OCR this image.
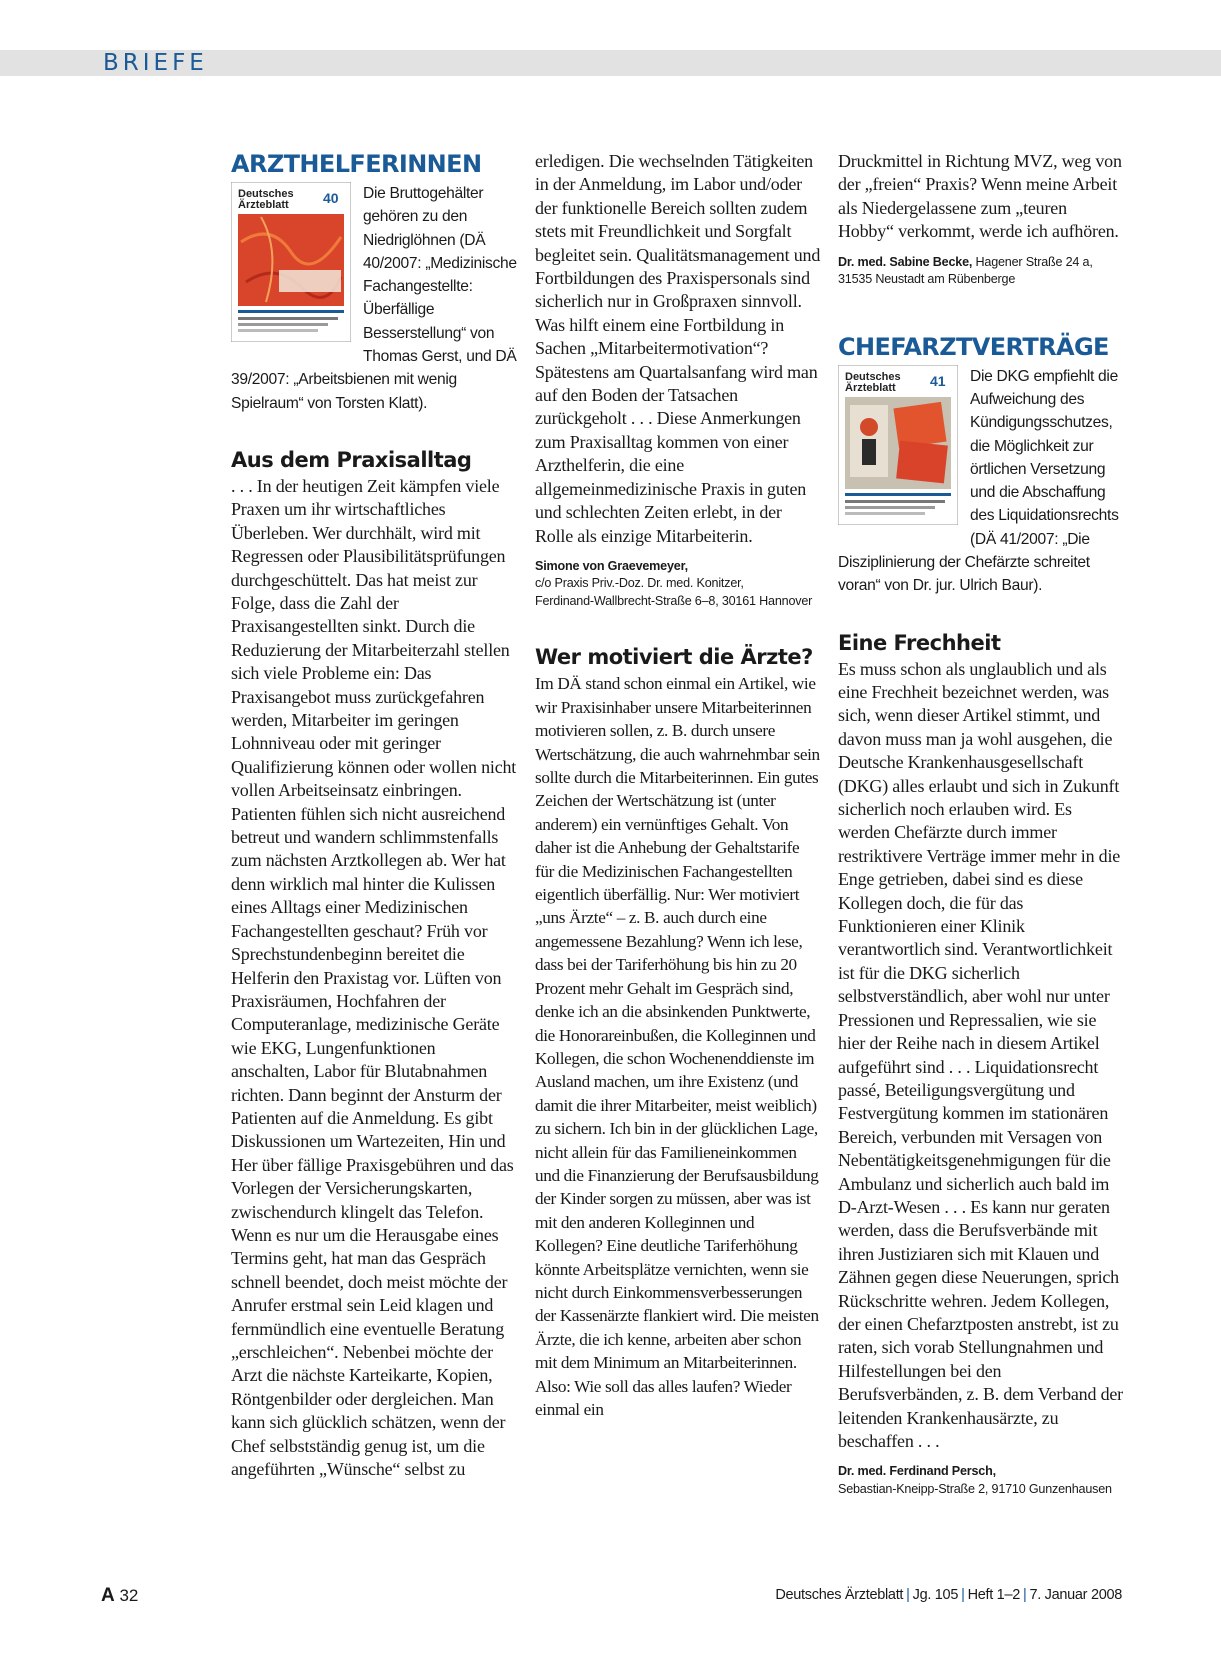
BRIEFE
ARZTHELFERINNEN
Deutsches
Ärzteblatt 40	Die Bruttogehälter gehören zu den Niedriglöhnen (DÄ 40/2007: „Medizinische Fachangestellte: Überfällige Besserstellung“ von Thomas Gerst, und DÄ 39/2007: „Arbeitsbienen mit wenig Spielraum“ von Torsten Klatt).

Aus dem Praxisalltag

. . . In der heutigen Zeit kämpfen viele Praxen um ihr wirtschaftliches Überleben. Wer durchhält, wird mit Regressen oder Plausibilitätsprüfungen durchgeschüttelt. Das hat meist zur Folge, dass die Zahl der Praxisangestellten sinkt. Durch die Reduzierung der Mitarbeiterzahl stellen sich viele Probleme ein: Das Praxisangebot muss zurückgefahren werden, Mitarbeiter im geringen Lohnniveau oder mit geringer Qualifizierung können oder wollen nicht vollen Arbeitseinsatz einbringen. Patienten fühlen sich nicht ausreichend betreut und wandern schlimmstenfalls zum nächsten Arztkollegen ab. Wer hat denn wirklich mal hinter die Kulissen eines Alltags einer Medizinischen Fachangestellten geschaut? Früh vor Sprechstundenbeginn bereitet die Helferin den Praxistag vor. Lüften von Praxisräumen, Hochfahren der Computeranlage, medizinische Geräte wie EKG, Lungenfunktionen anschalten, Labor für Blutabnahmen richten. Dann beginnt der Ansturm der Patienten auf die Anmeldung. Es gibt Diskussionen um Wartezeiten, Hin und Her über fällige Praxisgebühren und das Vorlegen der Versicherungskarten, zwischendurch klingelt das Telefon. Wenn es nur um die Herausgabe eines Termins geht, hat man das Gespräch schnell beendet, doch meist möchte der Anrufer erstmal sein Leid klagen und fernmündlich eine eventuelle Beratung „erschleichen“. Nebenbei möchte der Arzt die nächste Karteikarte, Kopien, Röntgenbilder oder dergleichen. Man kann sich glücklich schätzen, wenn der Chef selbstständig genug ist, um die angeführten „Wünsche“ selbst zu

erledigen. Die wechselnden Tätigkeiten in der Anmeldung, im Labor und/oder der funktionelle Bereich sollten zudem stets mit Freundlichkeit und Sorgfalt begleitet sein. Qualitätsmanagement und Fortbildungen des Praxispersonals sind sicherlich nur in Großpraxen sinnvoll. Was hilft einem eine Fortbildung in Sachen „Mitarbeitermotivation“? Spätestens am Quartalsanfang wird man auf den Boden der Tatsachen zurückgeholt . . . Diese Anmerkungen zum Praxisalltag kommen von einer Arzthelferin, die eine allgemeinmedizinische Praxis in guten und schlechten Zeiten erlebt, in der Rolle als einzige Mitarbeiterin.

Simone von Graevemeyer,
c/o Praxis Priv.-Doz. Dr. med. Konitzer,
Ferdinand-Wallbrecht-Straße 6–8, 30161 Hannover
Wer motiviert die Ärzte?

Im DÄ stand schon einmal ein Artikel, wie wir Praxisinhaber unsere Mitarbeiterinnen motivieren sollen, z. B. durch unsere Wertschätzung, die auch wahrnehmbar sein sollte durch die Mitarbeiterinnen. Ein gutes Zeichen der Wertschätzung ist (unter anderem) ein vernünftiges Gehalt. Von daher ist die Anhebung der Gehaltstarife für die Medizinischen Fachangestellten eigentlich überfällig. Nur: Wer motiviert „uns Ärzte“ – z. B. auch durch eine angemessene Bezahlung? Wenn ich lese, dass bei der Tariferhöhung bis hin zu 20 Prozent mehr Gehalt im Gespräch sind, denke ich an die absinkenden Punktwerte, die Honorareinbußen, die Kolleginnen und Kollegen, die schon Wochenenddienste im Ausland machen, um ihre Existenz (und damit die ihrer Mitarbeiter, meist weiblich) zu sichern. Ich bin in der glücklichen Lage, nicht allein für das Familieneinkommen und die Finanzierung der Berufsausbildung der Kinder sorgen zu müssen, aber was ist mit den anderen Kolleginnen und Kollegen? Eine deutliche Tariferhöhung könnte Arbeitsplätze vernichten, wenn sie nicht durch Einkommensverbesserungen der Kassenärzte flankiert wird. Die meisten Ärzte, die ich kenne, arbeiten aber schon mit dem Minimum an Mitarbeiterinnen. Also: Wie soll das alles laufen? Wieder einmal ein

Druckmittel in Richtung MVZ, weg von der „freien“ Praxis? Wenn meine Arbeit als Niedergelassene zum „teuren Hobby“ verkommt, werde ich aufhören.

Dr. med. Sabine Becke, Hagener Straße 24 a,
31535 Neustadt am Rübenberge
CHEFARZTVERTRÄGE
Deutsches
Ärzteblatt 41	Die DKG empfiehlt die Aufweichung des Kündigungsschutzes, die Möglichkeit zur örtlichen Versetzung und die Abschaffung des Liquidationsrechts (DÄ 41/2007: „Die Disziplinierung der Chefärzte schreitet voran“ von Dr. jur. Ulrich Baur).

Eine Frechheit

Es muss schon als unglaublich und als eine Frechheit bezeichnet werden, was sich, wenn dieser Artikel stimmt, und davon muss man ja wohl ausgehen, die Deutsche Krankenhausgesellschaft (DKG) alles erlaubt und sich in Zukunft sicherlich noch erlauben wird. Es werden Chefärzte durch immer restriktivere Verträge immer mehr in die Enge getrieben, dabei sind es diese Kollegen doch, die für das Funktionieren einer Klinik verantwortlich sind. Verantwortlichkeit ist für die DKG sicherlich selbstverständlich, aber wohl nur unter Pressionen und Repressalien, wie sie hier der Reihe nach in diesem Artikel aufgeführt sind . . . Liquidationsrecht passé, Beteiligungsvergütung und Festvergütung kommen im stationären Bereich, verbunden mit Versagen von Nebentätigkeitsgenehmigungen für die Ambulanz und sicherlich auch bald im D-Arzt-Wesen . . . Es kann nur geraten werden, dass die Berufsverbände mit ihren Justiziaren sich mit Klauen und Zähnen gegen diese Neuerungen, sprich Rückschritte wehren. Jedem Kollegen, der einen Chefarztposten anstrebt, ist zu raten, sich vorab Stellungnahmen und Hilfestellungen bei den Berufsverbänden, z. B. dem Verband der leitenden Krankenhausärzte, zu beschaffen . . .

Dr. med. Ferdinand Persch,
Sebastian-Kneipp-Straße 2, 91710 Gunzenhausen
A 32	Deutsches Ärzteblatt | Jg. 105 | Heft 1–2 | 7. Januar 2008
